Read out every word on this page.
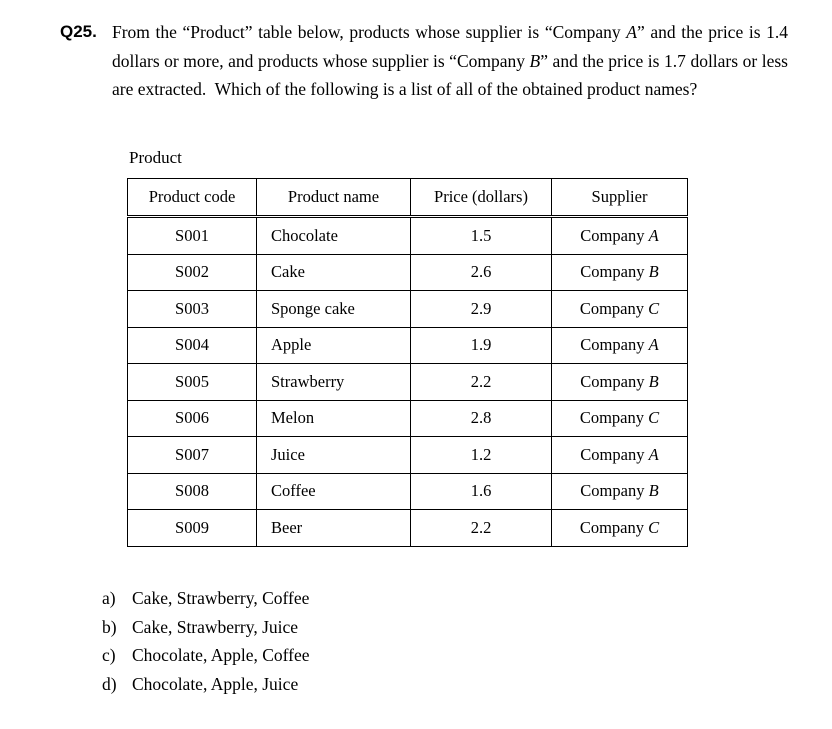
Q25. From the “Product” table below, products whose supplier is “Company A” and the price is 1.4 dollars or more, and products whose supplier is “Company B” and the price is 1.7 dollars or less are extracted.  Which of the following is a list of all of the obtained product names?
Product
Product code	Product name	Price (dollars)	Supplier
S001	Chocolate	1.5	Company A
S002	Cake	2.6	Company B
S003	Sponge cake	2.9	Company C
S004	Apple	1.9	Company A
S005	Strawberry	2.2	Company B
S006	Melon	2.8	Company C
S007	Juice	1.2	Company A
S008	Coffee	1.6	Company B
S009	Beer	2.2	Company C
a) Cake, Strawberry, Coffee
b) Cake, Strawberry, Juice
c) Chocolate, Apple, Coffee
d) Chocolate, Apple, Juice
